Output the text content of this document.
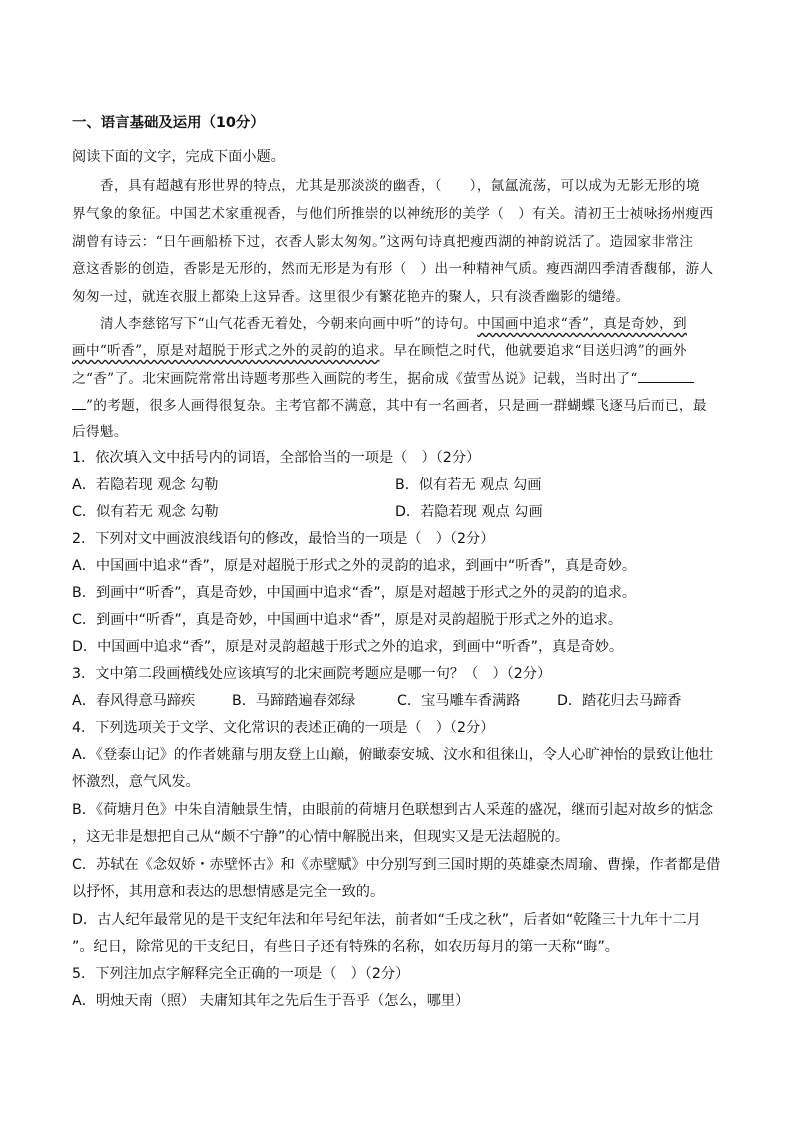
一、语言基础及运用（10分）
阅读下面的文字，完成下面小题。
香，具有超越有形世界的特点，尤其是那淡淡的幽香，（　　），氤氲流荡，可以成为无影无形的境
界气象的象征。中国艺术家重视香，与他们所推崇的以神统形的美学（　）有关。清初王士祯咏扬州瘦西
湖曾有诗云：“日午画船桥下过，衣香人影太匆匆。”这两句诗真把瘦西湖的神韵说活了。造园家非常注
意这香影的创造，香影是无形的，然而无形是为有形（　）出一种精神气质。瘦西湖四季清香馥郁，游人
匆匆一过，就连衣服上都染上这异香。这里很少有繁花艳卉的聚人，只有淡香幽影的缱绻。
清人李慈铭写下“山气花香无着处，今朝来向画中听”的诗句。中国画中追求“香”，真是奇妙，到
画中“听香”，原是对超脱于形式之外的灵韵的追求。早在顾恺之时代，他就要追求“目送归鸿”的画外
之“香”了。北宋画院常常出诗题考那些入画院的考生，据俞成《萤雪丛说》记载，当时出了“
”的考题，很多人画得很复杂。主考官都不满意，其中有一名画者，只是画一群蝴蝶飞逐马后而已，最
后得魁。
1．依次填入文中括号内的词语，全部恰当的一项是（　）（2分）
A．若隐若现 观念 勾勒	B．似有若无 观点 勾画
C．似有若无 观念 勾勒	D．若隐若现 观点 勾画
2．下列对文中画波浪线语句的修改，最恰当的一项是（　）（2分）
A．中国画中追求“香”，原是对超脱于形式之外的灵韵的追求，到画中“听香”，真是奇妙。
B．到画中“听香”，真是奇妙，中国画中追求“香”，原是对超越于形式之外的灵韵的追求。
C．到画中“听香”，真是奇妙，中国画中追求“香”，原是对灵韵超脱于形式之外的追求。
D．中国画中追求“香”，原是对灵韵超越于形式之外的追求，到画中“听香”，真是奇妙。
3．文中第二段画横线处应该填写的北宋画院考题应是哪一句？（　）（2分）
A．春风得意马蹄疾	B．马蹄踏遍春郊绿	C．宝马雕车香满路	D．踏花归去马蹄香
4．下列选项关于文学、文化常识的表述正确的一项是（　）（2分）
A．《登泰山记》的作者姚鼐与朋友登上山巅，俯瞰泰安城、汶水和徂徕山，令人心旷神怡的景致让他壮
怀激烈，意气风发。
B．《荷塘月色》中朱自清触景生情，由眼前的荷塘月色联想到古人采莲的盛况，继而引起对故乡的惦念
，这无非是想把自己从“颇不宁静”的心情中解脱出来，但现实又是无法超脱的。
C．苏轼在《念奴娇・赤壁怀古》和《赤壁赋》中分别写到三国时期的英雄豪杰周瑜、曹操，作者都是借
以抒怀，其用意和表达的思想情感是完全一致的。
D．古人纪年最常见的是干支纪年法和年号纪年法，前者如“壬戌之秋”，后者如“乾隆三十九年十二月
”。纪日，除常见的干支纪日，有些日子还有特殊的名称，如农历每月的第一天称“晦”。
5．下列注加点字解释完全正确的一项是（　）（2分）
A．明烛天南（照） 夫庸知其年之先后生于吾乎（怎么，哪里）
